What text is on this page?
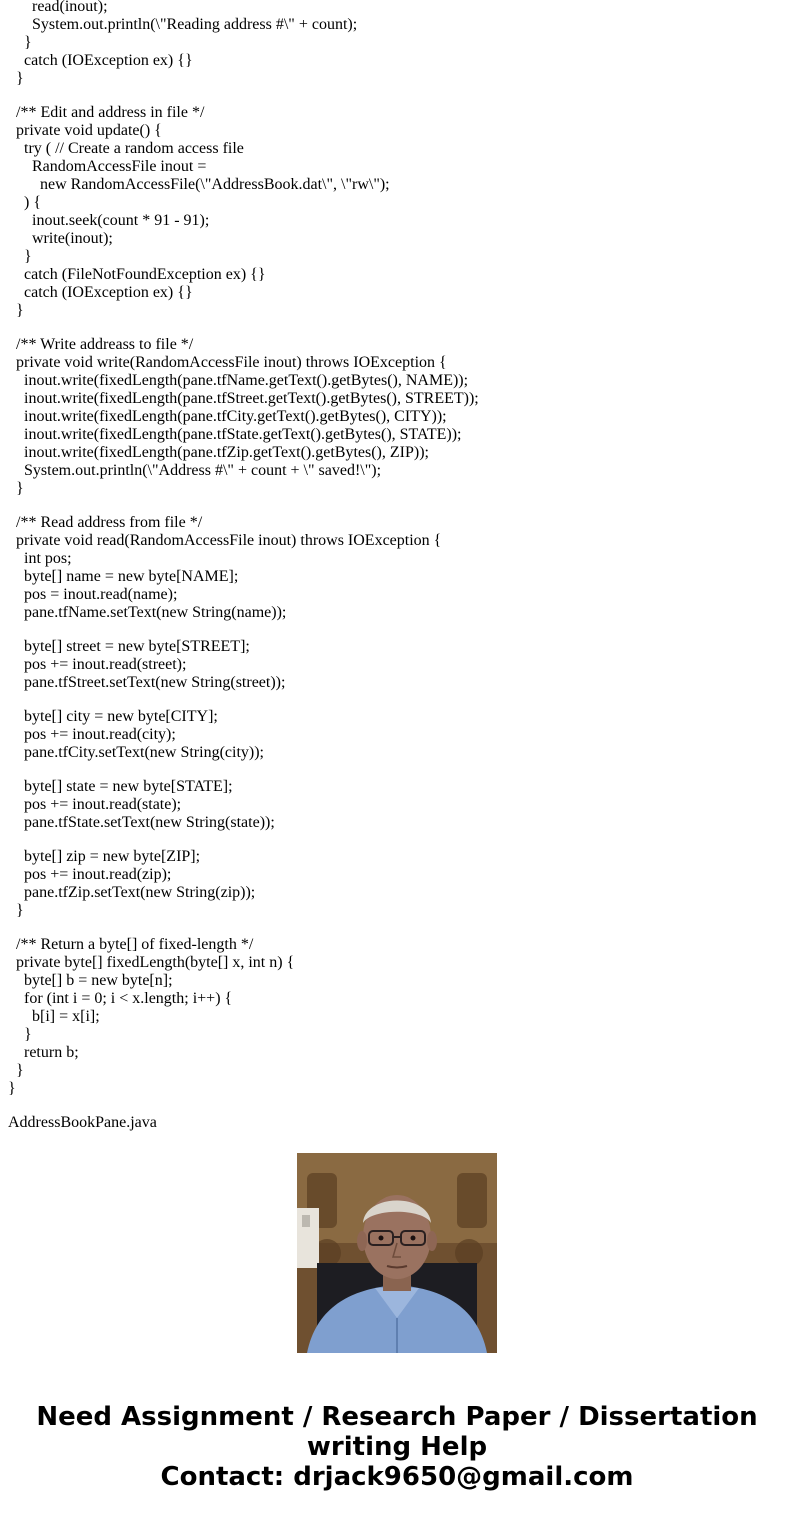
read(inout);
System.out.println(\"Reading address #\" + count);
}
catch (IOException ex) {}
}
/** Edit and address in file */
private void update() {
try ( // Create a random access file
RandomAccessFile inout =
new RandomAccessFile(\"AddressBook.dat\", \"rw\");
) {
inout.seek(count * 91 - 91);
write(inout);
}
catch (FileNotFoundException ex) {}
catch (IOException ex) {}
}
/** Write addreass to file */
private void write(RandomAccessFile inout) throws IOException {
inout.write(fixedLength(pane.tfName.getText().getBytes(), NAME));
inout.write(fixedLength(pane.tfStreet.getText().getBytes(), STREET));
inout.write(fixedLength(pane.tfCity.getText().getBytes(), CITY));
inout.write(fixedLength(pane.tfState.getText().getBytes(), STATE));
inout.write(fixedLength(pane.tfZip.getText().getBytes(), ZIP));
System.out.println(\"Address #\" + count + \" saved!\");
}
/** Read address from file */
private void read(RandomAccessFile inout) throws IOException {
int pos;
byte[] name = new byte[NAME];
pos = inout.read(name);
pane.tfName.setText(new String(name));
byte[] street = new byte[STREET];
pos += inout.read(street);
pane.tfStreet.setText(new String(street));
byte[] city = new byte[CITY];
pos += inout.read(city);
pane.tfCity.setText(new String(city));
byte[] state = new byte[STATE];
pos += inout.read(state);
pane.tfState.setText(new String(state));
byte[] zip = new byte[ZIP];
pos += inout.read(zip);
pane.tfZip.setText(new String(zip));
}
/** Return a byte[] of fixed-length */
private byte[] fixedLength(byte[] x, int n) {
byte[] b = new byte[n];
for (int i = 0; i < x.length; i++) {
b[i] = x[i];
}
return b;
}
}
AddressBookPane.java
Need Assignment / Research Paper / Dissertation
writing Help
Contact: drjack9650@gmail.com
